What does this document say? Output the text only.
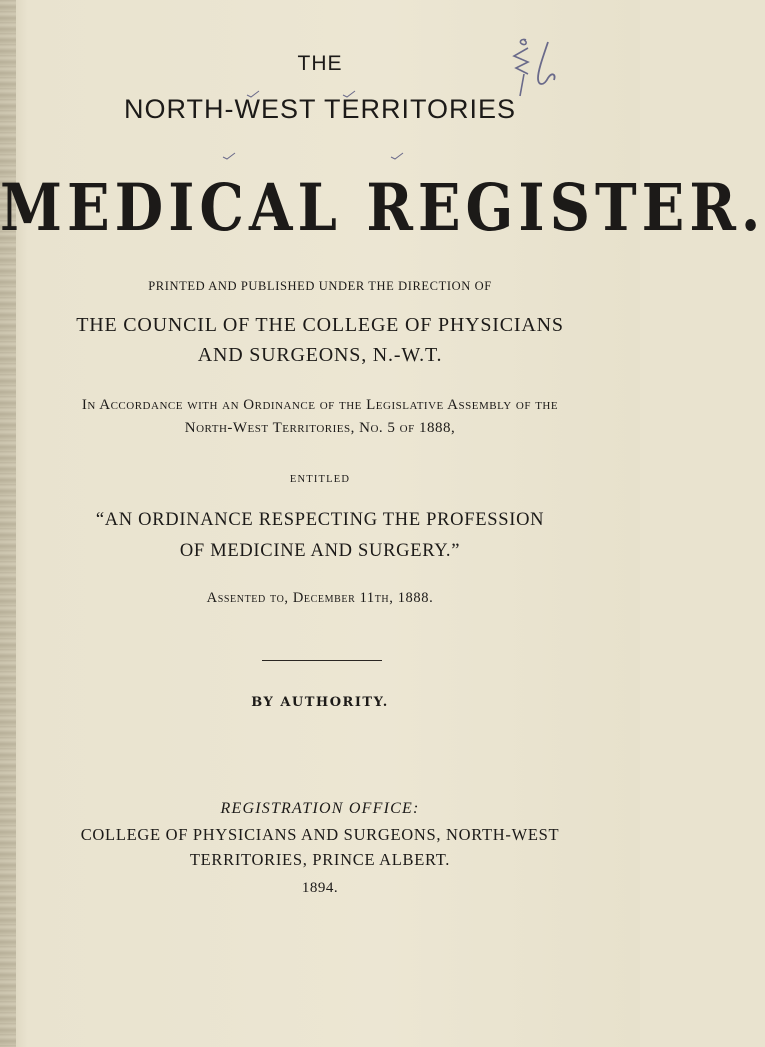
THE
NORTH-WEST TERRITORIES
MEDICAL REGISTER.
PRINTED AND PUBLISHED UNDER THE DIRECTION OF
THE COUNCIL OF THE COLLEGE OF PHYSICIANS
AND SURGEONS, N.-W.T.
In Accordance with an Ordinance of the Legislative Assembly of the
North-West Territories, No. 5 of 1888,
ENTITLED
“AN ORDINANCE RESPECTING THE PROFESSION
OF MEDICINE AND SURGERY.”
Assented to, December 11th, 1888.
BY AUTHORITY.
REGISTRATION OFFICE:
COLLEGE OF PHYSICIANS AND SURGEONS, NORTH-WEST
TERRITORIES, PRINCE ALBERT.
1894.
